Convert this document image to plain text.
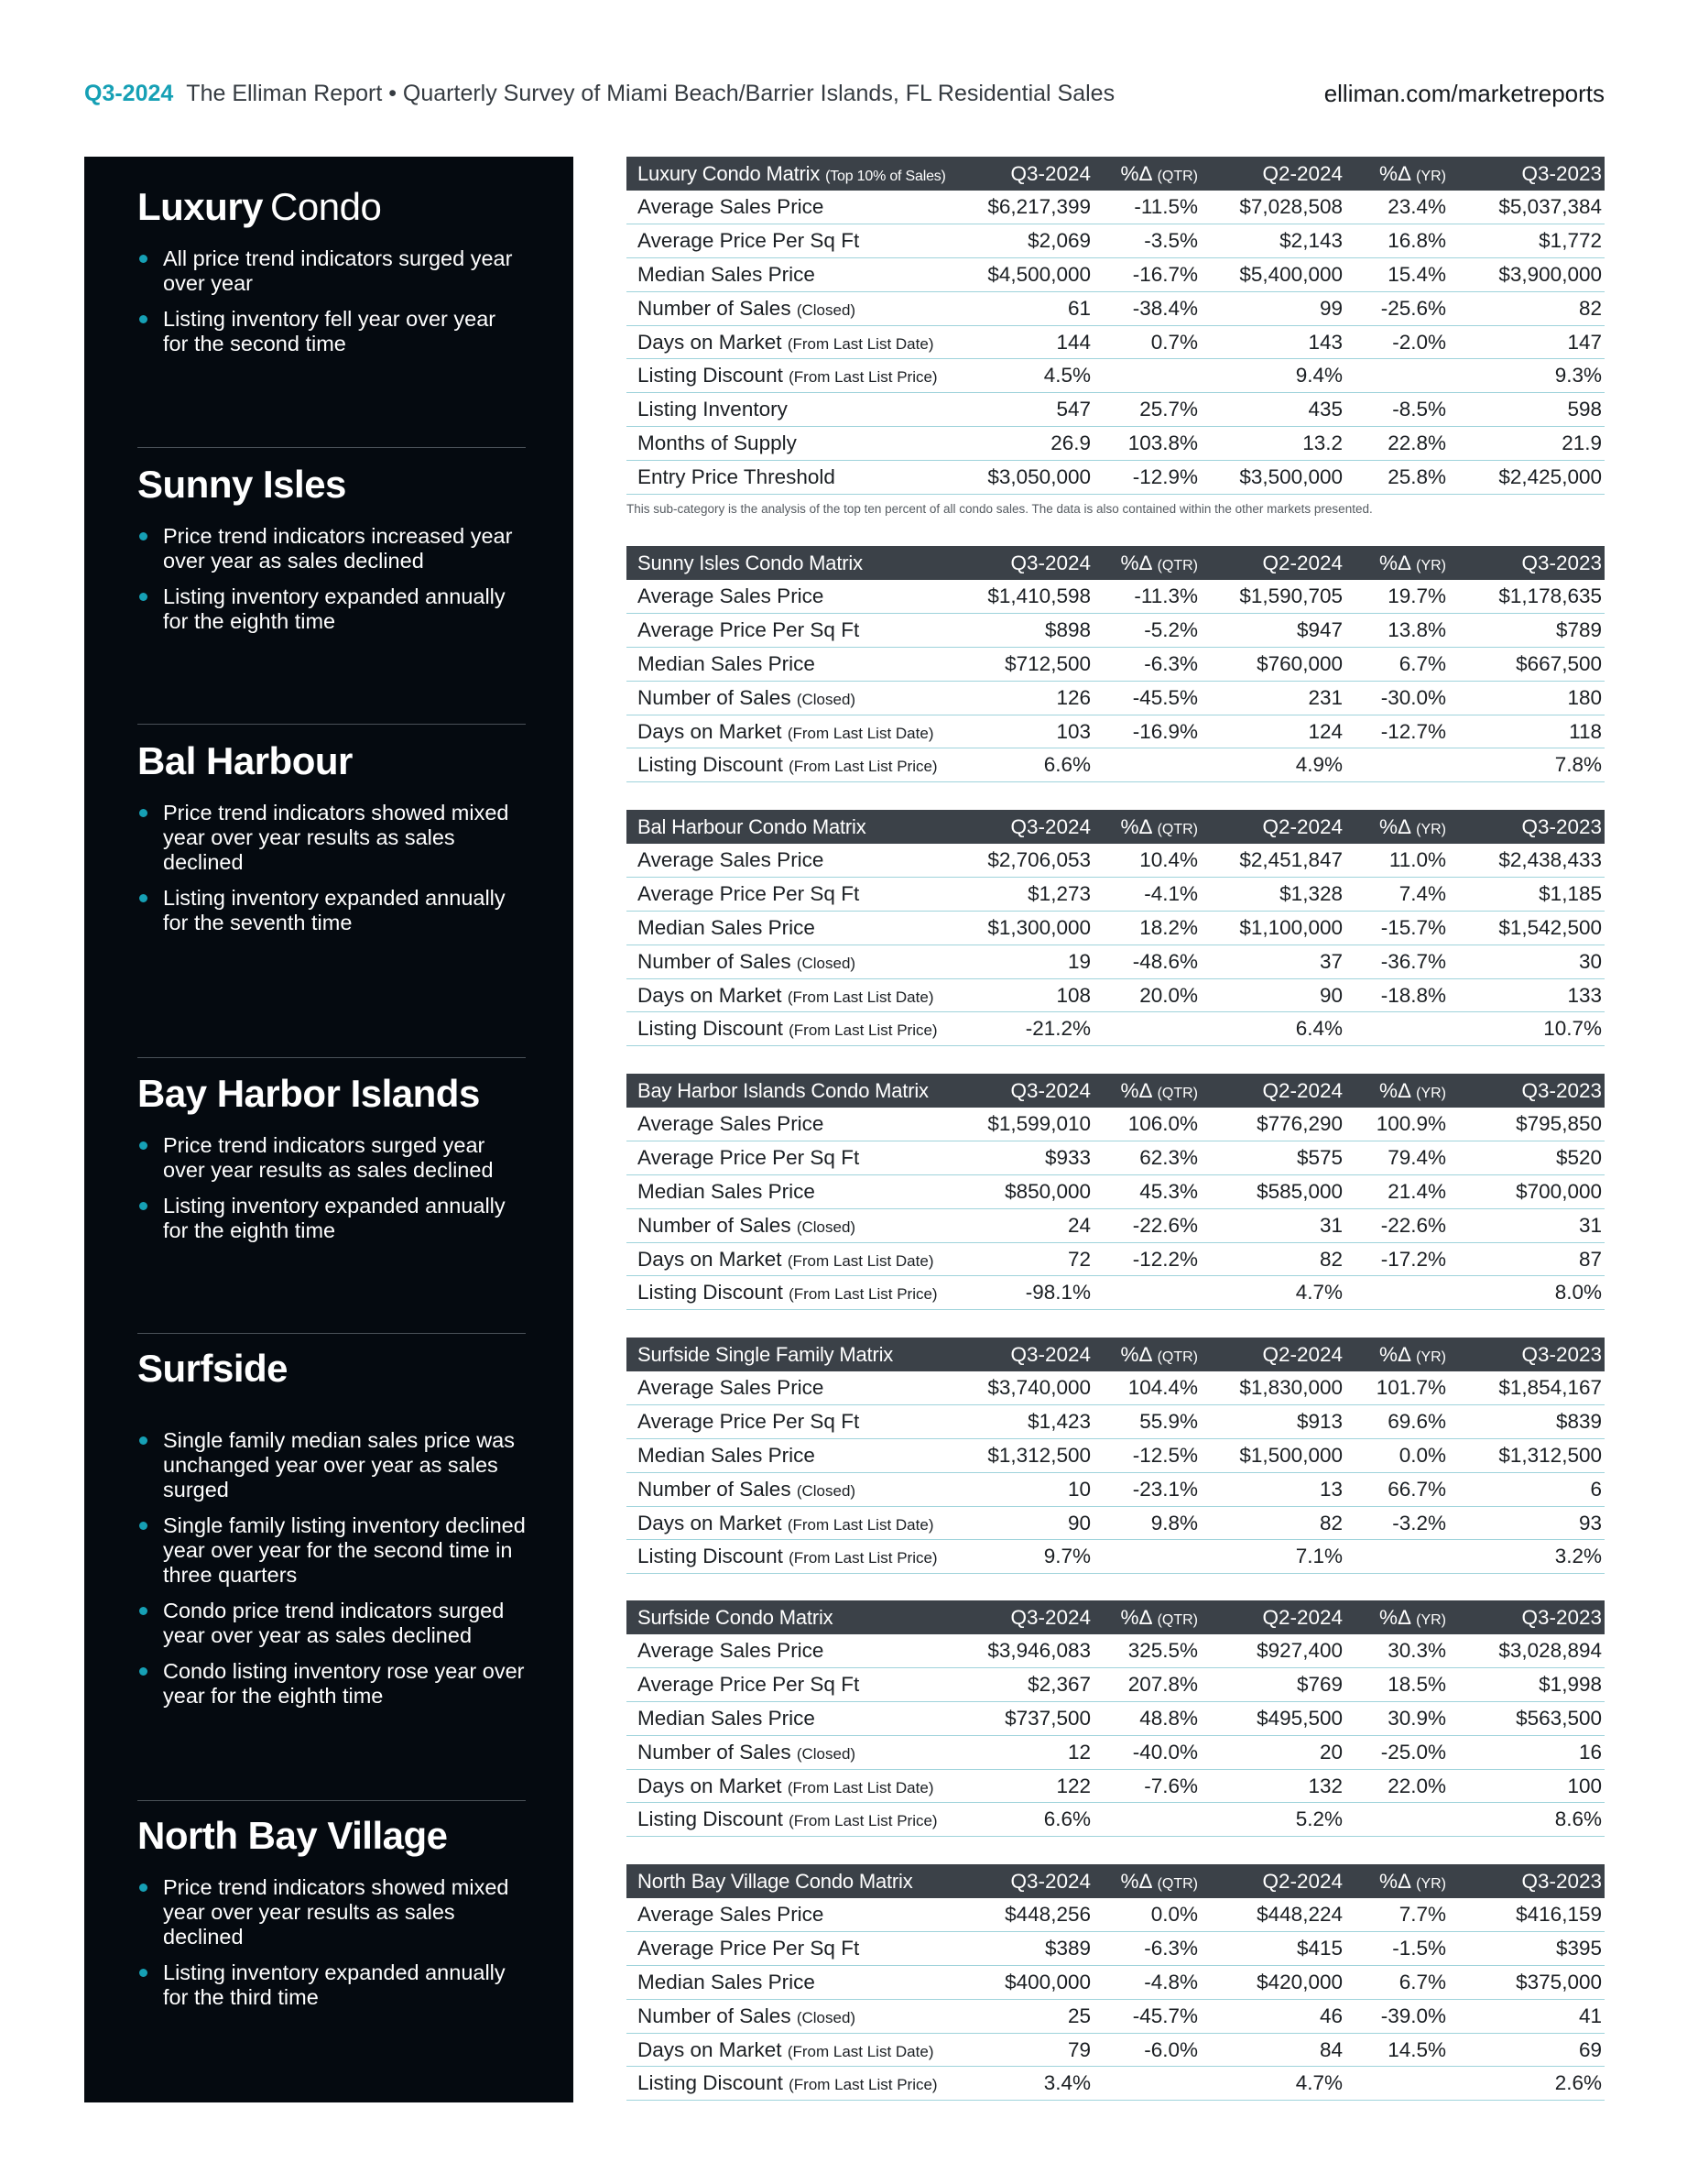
Q3-2024 The Elliman Report • Quarterly Survey of Miami Beach/Barrier Islands, FL Residential Sales	elliman.com/marketreports
Luxury Condo
All price trend indicators surged year over year
Listing inventory fell year over year for the second time
Sunny Isles
Price trend indicators increased year over year as sales declined
Listing inventory expanded annually for the eighth time
Bal Harbour
Price trend indicators showed mixed year over year results as sales declined
Listing inventory expanded annually for the seventh time
Bay Harbor Islands
Price trend indicators surged year over year results as sales declined
Listing inventory expanded annually for the eighth time
Surfside
Single family median sales price was unchanged year over year as sales surged
Single family listing inventory declined year over year for the second time in three quarters
Condo price trend indicators surged year over year as sales declined
Condo listing inventory rose year over year for the eighth time
North Bay Village
Price trend indicators showed mixed year over year results as sales declined
Listing inventory expanded annually for the third time
Luxury Condo Matrix (Top 10% of Sales)	Q3-2024	%Δ (QTR)	Q2-2024	%Δ (YR)	Q3-2023
Average Sales Price	$6,217,399	-11.5%	$7,028,508	23.4%	$5,037,384
Average Price Per Sq Ft	$2,069	-3.5%	$2,143	16.8%	$1,772
Median Sales Price	$4,500,000	-16.7%	$5,400,000	15.4%	$3,900,000
Number of Sales (Closed)	61	-38.4%	99	-25.6%	82
Days on Market (From Last List Date)	144	0.7%	143	-2.0%	147
Listing Discount (From Last List Price)	4.5%		9.4%		9.3%
Listing Inventory	547	25.7%	435	-8.5%	598
Months of Supply	26.9	103.8%	13.2	22.8%	21.9
Entry Price Threshold	$3,050,000	-12.9%	$3,500,000	25.8%	$2,425,000
This sub-category is the analysis of the top ten percent of all condo sales. The data is also contained within the other markets presented.
Sunny Isles Condo Matrix	Q3-2024	%Δ (QTR)	Q2-2024	%Δ (YR)	Q3-2023
Average Sales Price	$1,410,598	-11.3%	$1,590,705	19.7%	$1,178,635
Average Price Per Sq Ft	$898	-5.2%	$947	13.8%	$789
Median Sales Price	$712,500	-6.3%	$760,000	6.7%	$667,500
Number of Sales (Closed)	126	-45.5%	231	-30.0%	180
Days on Market (From Last List Date)	103	-16.9%	124	-12.7%	118
Listing Discount (From Last List Price)	6.6%		4.9%		7.8%
Bal Harbour Condo Matrix	Q3-2024	%Δ (QTR)	Q2-2024	%Δ (YR)	Q3-2023
Average Sales Price	$2,706,053	10.4%	$2,451,847	11.0%	$2,438,433
Average Price Per Sq Ft	$1,273	-4.1%	$1,328	7.4%	$1,185
Median Sales Price	$1,300,000	18.2%	$1,100,000	-15.7%	$1,542,500
Number of Sales (Closed)	19	-48.6%	37	-36.7%	30
Days on Market (From Last List Date)	108	20.0%	90	-18.8%	133
Listing Discount (From Last List Price)	-21.2%		6.4%		10.7%
Bay Harbor Islands Condo Matrix	Q3-2024	%Δ (QTR)	Q2-2024	%Δ (YR)	Q3-2023
Average Sales Price	$1,599,010	106.0%	$776,290	100.9%	$795,850
Average Price Per Sq Ft	$933	62.3%	$575	79.4%	$520
Median Sales Price	$850,000	45.3%	$585,000	21.4%	$700,000
Number of Sales (Closed)	24	-22.6%	31	-22.6%	31
Days on Market (From Last List Date)	72	-12.2%	82	-17.2%	87
Listing Discount (From Last List Price)	-98.1%		4.7%		8.0%
Surfside Single Family Matrix	Q3-2024	%Δ (QTR)	Q2-2024	%Δ (YR)	Q3-2023
Average Sales Price	$3,740,000	104.4%	$1,830,000	101.7%	$1,854,167
Average Price Per Sq Ft	$1,423	55.9%	$913	69.6%	$839
Median Sales Price	$1,312,500	-12.5%	$1,500,000	0.0%	$1,312,500
Number of Sales (Closed)	10	-23.1%	13	66.7%	6
Days on Market (From Last List Date)	90	9.8%	82	-3.2%	93
Listing Discount (From Last List Price)	9.7%		7.1%		3.2%
Surfside Condo Matrix	Q3-2024	%Δ (QTR)	Q2-2024	%Δ (YR)	Q3-2023
Average Sales Price	$3,946,083	325.5%	$927,400	30.3%	$3,028,894
Average Price Per Sq Ft	$2,367	207.8%	$769	18.5%	$1,998
Median Sales Price	$737,500	48.8%	$495,500	30.9%	$563,500
Number of Sales (Closed)	12	-40.0%	20	-25.0%	16
Days on Market (From Last List Date)	122	-7.6%	132	22.0%	100
Listing Discount (From Last List Price)	6.6%		5.2%		8.6%
North Bay Village Condo Matrix	Q3-2024	%Δ (QTR)	Q2-2024	%Δ (YR)	Q3-2023
Average Sales Price	$448,256	0.0%	$448,224	7.7%	$416,159
Average Price Per Sq Ft	$389	-6.3%	$415	-1.5%	$395
Median Sales Price	$400,000	-4.8%	$420,000	6.7%	$375,000
Number of Sales (Closed)	25	-45.7%	46	-39.0%	41
Days on Market (From Last List Date)	79	-6.0%	84	14.5%	69
Listing Discount (From Last List Price)	3.4%		4.7%		2.6%
